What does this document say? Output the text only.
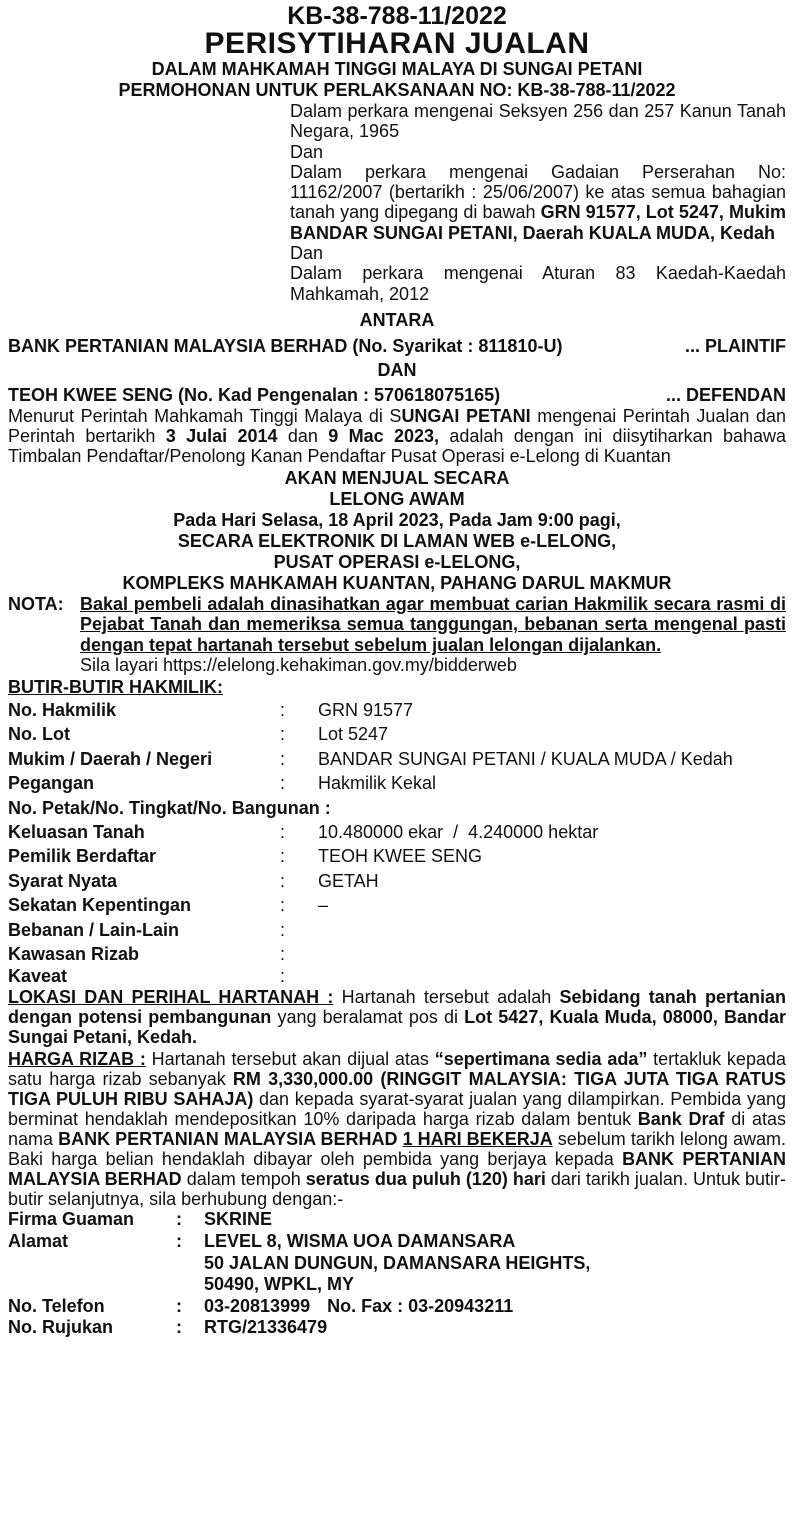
KB-38-788-11/2022
PERISYTIHARAN JUALAN
DALAM MAHKAMAH TINGGI MALAYA DI SUNGAI PETANI
PERMOHONAN UNTUK PERLAKSANAAN NO: KB-38-788-11/2022
Dalam perkara mengenai Seksyen 256 dan 257 Kanun Tanah Negara, 1965
Dan
Dalam perkara mengenai Gadaian Perserahan No: 11162/2007 (bertarikh : 25/06/2007) ke atas semua bahagian tanah yang dipegang di bawah GRN 91577, Lot 5247, Mukim BANDAR SUNGAI PETANI, Daerah KUALA MUDA, Kedah
Dan
Dalam perkara mengenai Aturan 83 Kaedah-Kaedah Mahkamah, 2012
ANTARA
BANK PERTANIAN MALAYSIA BERHAD (No. Syarikat : 811810-U)	... PLAINTIF
DAN
TEOH KWEE SENG (No. Kad Pengenalan : 570618075165)	... DEFENDAN
Menurut Perintah Mahkamah Tinggi Malaya di SUNGAI PETANI mengenai Perintah Jualan dan Perintah bertarikh 3 Julai 2014 dan 9 Mac 2023, adalah dengan ini diisytiharkan bahawa Timbalan Pendaftar/Penolong Kanan Pendaftar Pusat Operasi e-Lelong di Kuantan
AKAN MENJUAL SECARA
LELONG AWAM
Pada Hari Selasa, 18 April 2023, Pada Jam 9:00 pagi,
SECARA ELEKTRONIK DI LAMAN WEB e-LELONG,
PUSAT OPERASI e-LELONG,
KOMPLEKS MAHKAMAH KUANTAN, PAHANG DARUL MAKMUR
NOTA: Bakal pembeli adalah dinasihatkan agar membuat carian Hakmilik secara rasmi di Pejabat Tanah dan memeriksa semua tanggungan, bebanan serta mengenal pasti dengan tepat hartanah tersebut sebelum jualan lelongan dijalankan.
Sila layari https://elelong.kehakiman.gov.my/bidderweb
BUTIR-BUTIR HAKMILIK:
No. Hakmilik	:	GRN 91577
No. Lot	:	Lot 5247
Mukim / Daerah / Negeri	:	BANDAR SUNGAI PETANI / KUALA MUDA / Kedah
Pegangan	:	Hakmilik Kekal
No. Petak/No. Tingkat/No. Bangunan :
Keluasan Tanah	:	10.480000 ekar  /  4.240000 hektar
Pemilik Berdaftar	:	TEOH KWEE SENG
Syarat Nyata	:	GETAH
Sekatan Kepentingan	:	–
Bebanan / Lain-Lain	:
Kawasan Rizab	:
Kaveat	:
LOKASI DAN PERIHAL HARTANAH : Hartanah tersebut adalah Sebidang tanah pertanian dengan potensi pembangunan yang beralamat pos di Lot 5427, Kuala Muda, 08000, Bandar Sungai Petani, Kedah.
HARGA RIZAB : Hartanah tersebut akan dijual atas “sepertimana sedia ada” tertakluk kepada satu harga rizab sebanyak RM 3,330,000.00 (RINGGIT MALAYSIA: TIGA JUTA TIGA RATUS TIGA PULUH RIBU SAHAJA) dan kepada syarat-syarat jualan yang dilampirkan. Pembida yang berminat hendaklah mendepositkan 10% daripada harga rizab dalam bentuk Bank Draf di atas nama BANK PERTANIAN MALAYSIA BERHAD 1 HARI BEKERJA sebelum tarikh lelong awam. Baki harga belian hendaklah dibayar oleh pembida yang berjaya kepada BANK PERTANIAN MALAYSIA BERHAD dalam tempoh seratus dua puluh (120) hari dari tarikh jualan. Untuk butir-butir selanjutnya, sila berhubung dengan:-
Firma Guaman	:	SKRINE
Alamat	:	LEVEL 8, WISMA UOA DAMANSARA
50 JALAN DUNGUN, DAMANSARA HEIGHTS,
50490, WPKL, MY
No. Telefon	:	03-20813999 No. Fax : 03-20943211
No. Rujukan	:	RTG/21336479
